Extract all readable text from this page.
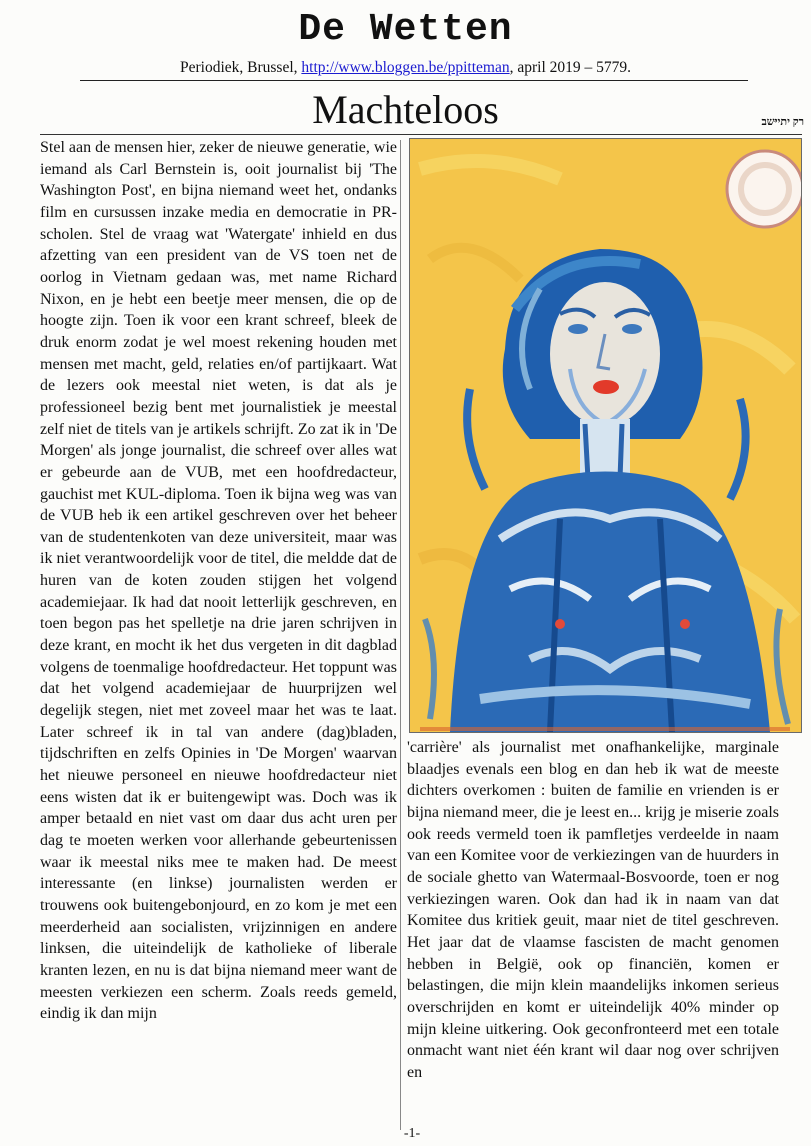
De Wetten
Periodiek, Brussel, http://www.bloggen.be/ppitteman, april 2019 – 5779.
Machteloos	רק יתייּשב

Stel aan de mensen hier, zeker de nieuwe generatie, wie iemand als Carl Bernstein is, ooit journalist bij 'The Washington Post', en bijna niemand weet het, ondanks film en cursussen inzake media en democratie in PR-scholen. Stel de vraag wat 'Watergate' inhield en dus afzetting van een president van de VS toen net de oorlog in Vietnam gedaan was, met name Richard Nixon, en je hebt een beetje meer mensen, die op de hoogte zijn. Toen ik voor een krant schreef, bleek de druk enorm zodat je wel moest rekening houden met mensen met macht, geld, relaties en/of partijkaart. Wat de lezers ook meestal niet weten, is dat als je professioneel bezig bent met journalistiek je meestal zelf niet de titels van je artikels schrijft. Zo zat ik in 'De Morgen' als jonge journalist, die schreef over alles wat er gebeurde aan de VUB, met een hoofdredacteur, gauchist met KUL-diploma. Toen ik bijna weg was van de VUB heb ik een artikel geschreven over het beheer van de studentenkoten van deze universiteit, maar was ik niet verantwoordelijk voor de titel, die meldde dat de huren van de koten zouden stijgen het volgend academiejaar. Ik had dat nooit letterlijk geschreven, en toen begon pas het spelletje na drie jaren schrijven in deze krant, en mocht ik het dus vergeten in dit dagblad volgens de toenmalige hoofdredacteur. Het toppunt was dat het volgend academiejaar de huurprijzen wel degelijk stegen, niet met zoveel maar het was te laat. Later schreef ik in tal van andere (dag)bladen, tijdschriften en zelfs Opinies in 'De Morgen' waarvan het nieuwe personeel en nieuwe hoofdredacteur niet eens wisten dat ik er buitengewipt was. Doch was ik amper betaald en niet vast om daar dus acht uren per dag te moeten werken voor allerhande gebeurtenissen waar ik meestal niks mee te maken had. De meest interessante (en linkse) journalisten werden er trouwens ook buitengebonjourd, en zo kom je met een meerderheid aan socialisten, vrijzinnigen en andere linksen, die uiteindelijk de katholieke of liberale kranten lezen, en nu is dat bijna niemand meer want de meesten verkiezen een scherm. Zoals reeds gemeld, eindig ik dan mijn

'carrière' als journalist met onafhankelijke, marginale blaadjes evenals een blog en dan heb ik wat de meeste dichters overkomen : buiten de familie en vrienden is er bijna niemand meer, die je leest en... krijg je miserie zoals ook reeds vermeld toen ik pamfletjes verdeelde in naam van een Komitee voor de verkiezingen van de huurders in de sociale ghetto van Watermaal-Bosvoorde, toen er nog verkiezingen waren. Ook dan had ik in naam van dat Komitee dus kritiek geuit, maar niet de titel geschreven. Het jaar dat de vlaamse fascisten de macht genomen hebben in België, ook op financiën, komen er belastingen, die mijn klein maandelijks inkomen serieus overschrijden en komt er uiteindelijk 40% minder op mijn kleine uitkering. Ook geconfronteerd met een totale onmacht want niet één krant wil daar nog over schrijven en

-1-
